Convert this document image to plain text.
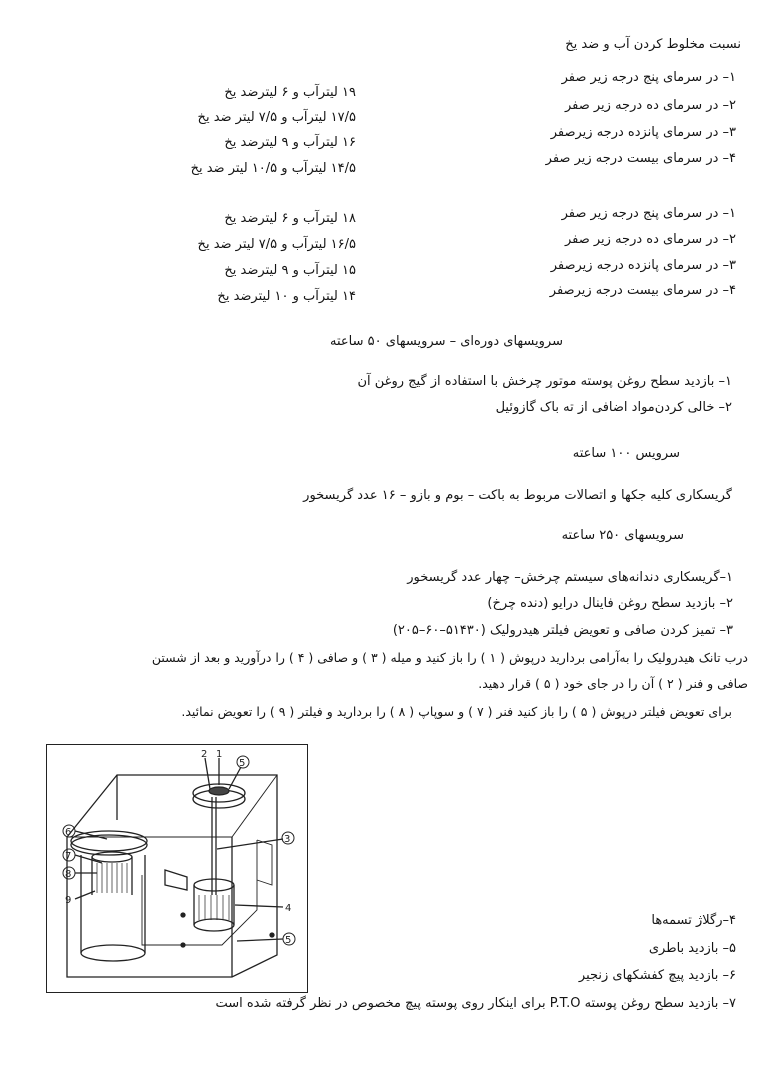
نسبت مخلوط کردن آب و ضد یخ
۱– در سرمای پنج درجه زیر صفر
۲– در سرمای ده درجه زیر صفر
۳– در سرمای پانزده درجه زیرصفر
۴– در سرمای بیست درجه زیر صفر
۱۹ لیترآب و ۶ لیترضد یخ
۱۷/۵ لیترآب و ۷/۵ لیتر ضد یخ
۱۶ لیترآب و ۹ لیترضد یخ
۱۴/۵ لیترآب و ۱۰/۵ لیتر ضد یخ
۱– در سرمای پنج درجه زیر صفر
۲– در سرمای ده درجه زیر صفر
۳– در سرمای پانزده درجه زیرصفر
۴– در سرمای بیست درجه زیرصفر
۱۸ لیترآب و ۶ لیترضد یخ
۱۶/۵ لیترآب و ۷/۵ لیتر ضد یخ
۱۵ لیترآب و ۹ لیترضد یخ
۱۴ لیترآب و ۱۰ لیترضد یخ
سرویسهای دوره‌ای – سرویسهای ۵۰ ساعته
۱– بازدید سطح روغن پوسته موتور چرخش با استفاده از گیج روغن آن
۲– خالی کردن‌مواد اضافی از ته باک گازوئیل
سرویس ۱۰۰ ساعته
گریسکاری کلیه جکها و اتصالات مربوط به باکت – بوم و بازو – ۱۶ عدد گریسخور
سرویسهای ۲۵۰ ساعته
۱–گریسکاری دندانه‌های سیستم چرخش– چهار عدد گریسخور
۲– بازدید سطح روغن فاینال درایو (دنده چرخ)
۳– تمیز کردن صافی و تعویض فیلتر هیدرولیک (۵۱۴۳۰–۶۰–۲۰۵)
درب تانک هیدرولیک را به‌آرامی بردارید درپوش ( ۱ ) را باز کنید و میله ( ۳ ) و صافی ( ۴ ) را درآورید و بعد از شستن
صافی و فنر ( ۲ ) آن را در جای خود ( ۵ ) قرار دهید.
برای تعویض فیلتر درپوش ( ۵ ) را باز کنید فنر ( ۷ ) و سوپاپ ( ۸ ) را بردارید و فیلتر ( ۹ ) را تعویض نمائید.
2 1
5
3
4
5
6
7
8
9
۴–رگلاژ تسمه‌ها
۵– بازدید باطری
۶– بازدید پیچ کفشکهای زنجیر
۷– بازدید سطح روغن پوسته P.T.O برای اینکار روی پوسته پیچ مخصوص در نظر گرفته شده است
